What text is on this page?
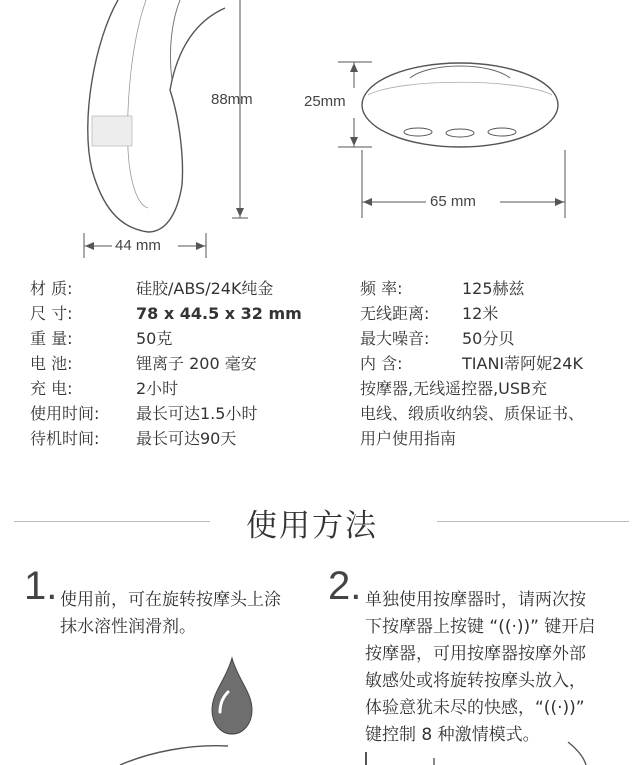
88mm
44 mm
25mm
65 mm
材 质:	硅胶/ABS/24K纯金
尺 寸:	78 x 44.5 x 32 mm
重 量:	50克
电 池:	锂离子 200 毫安
充 电:	2小时
使用时间: 最长可达1.5小时
待机时间: 最长可达90天
频 率:	125赫兹
无线距离: 12米
最大噪音: 50分贝
内 含:	TIANI蒂阿妮24K
按摩器,无线遥控器,USB充
电线、缎质收纳袋、质保证书、
用户使用指南
使用方法
1. 使用前，可在旋转按摩头上涂
抹水溶性润滑剂。
2. 单独使用按摩器时，请两次按
下按摩器上按键 “((·))” 键开启
按摩器，可用按摩器按摩外部
敏感处或将旋转按摩头放入，
体验意犹未尽的快感，“((·))”
键控制 8 种激情模式。
